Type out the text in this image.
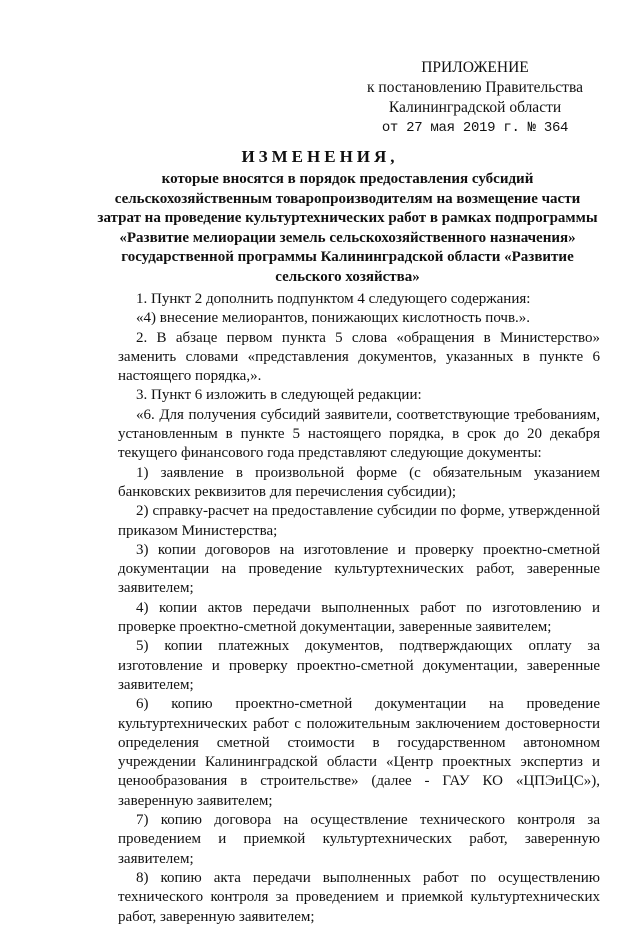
ПРИЛОЖЕНИЕ
к постановлению Правительства
Калининградской области
от 27 мая 2019 г. № 364
ИЗМЕНЕНИЯ,
которые вносятся в порядок предоставления субсидий сельскохозяйственным товаропроизводителям на возмещение части затрат на проведение культуртехнических работ в рамках подпрограммы «Развитие мелиорации земель сельскохозяйственного назначения» государственной программы Калининградской области «Развитие сельского хозяйства»

1. Пункт 2 дополнить подпунктом 4 следующего содержания:

«4) внесение мелиорантов, понижающих кислотность почв.».

2. В абзаце первом пункта 5 слова «обращения в Министерство» заменить словами «представления документов, указанных в пункте 6 настоящего порядка,».

3. Пункт 6 изложить в следующей редакции:

«6. Для получения субсидий заявители, соответствующие требованиям, установленным в пункте 5 настоящего порядка, в срок до 20 декабря текущего финансового года представляют следующие документы:

1) заявление в произвольной форме (с обязательным указанием банковских реквизитов для перечисления субсидии);

2) справку-расчет на предоставление субсидии по форме, утвержденной приказом Министерства;

3) копии договоров на изготовление и проверку проектно-сметной документации на проведение культуртехнических работ, заверенные заявителем;

4) копии актов передачи выполненных работ по изготовлению и проверке проектно-сметной документации, заверенные заявителем;

5) копии платежных документов, подтверждающих оплату за изготовление и проверку проектно-сметной документации, заверенные заявителем;

6) копию проектно-сметной документации на проведение культуртехнических работ с положительным заключением достоверности определения сметной стоимости в государственном автономном учреждении Калининградской области «Центр проектных экспертиз и ценообразования в строительстве» (далее - ГАУ КО «ЦПЭиЦС»), заверенную заявителем;

7) копию договора на осуществление технического контроля за проведением и приемкой культуртехнических работ, заверенную заявителем;

8) копию акта передачи выполненных работ по осуществлению технического контроля за проведением и приемкой культуртехнических работ, заверенную заявителем;
